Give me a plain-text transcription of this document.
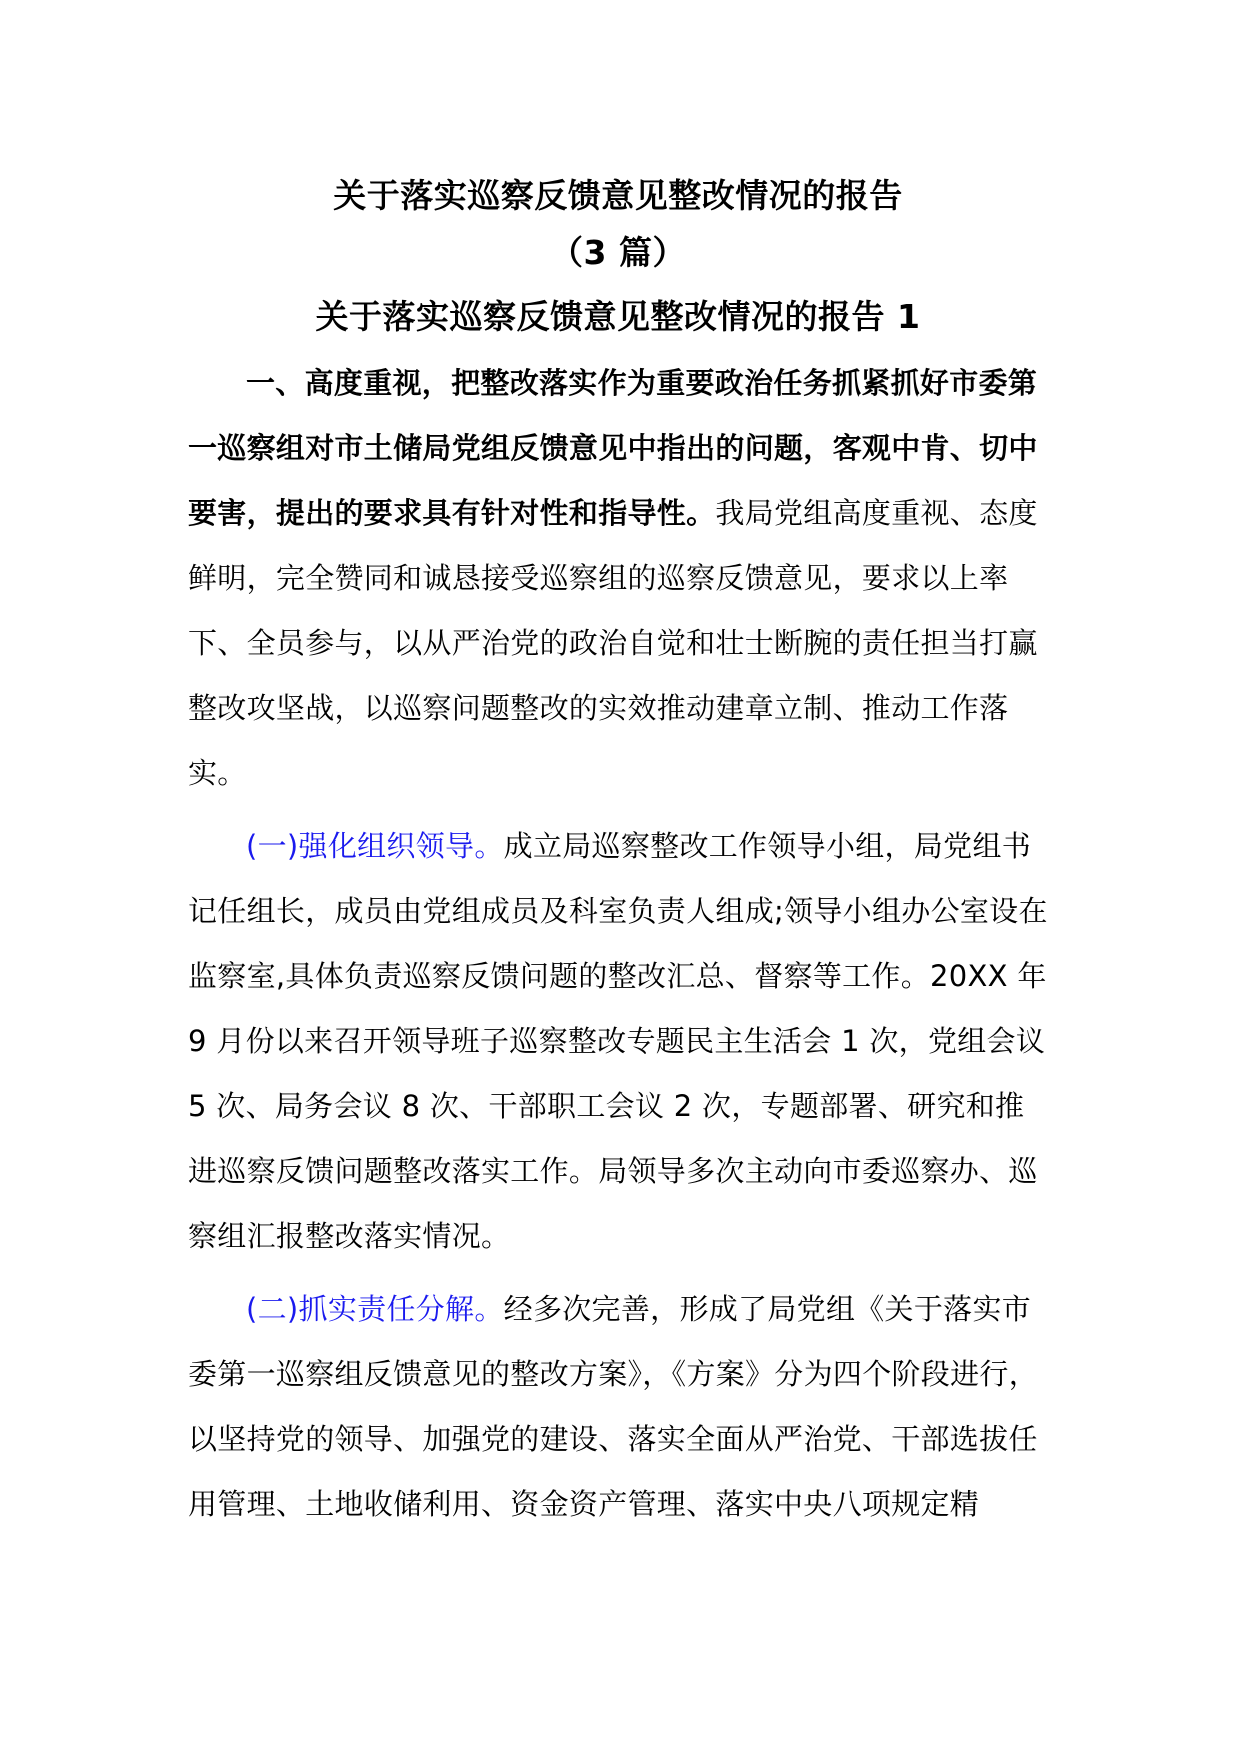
关于落实巡察反馈意见整改情况的报告
（3 篇）
关于落实巡察反馈意见整改情况的报告 1

一、高度重视，把整改落实作为重要政治任务抓紧抓好市委第一巡察组对市土储局党组反馈意见中指出的问题，客观中肯、切中要害，提出的要求具有针对性和指导性。我局党组高度重视、态度鲜明，完全赞同和诚恳接受巡察组的巡察反馈意见，要求以上率下、全员参与，以从严治党的政治自觉和壮士断腕的责任担当打赢整改攻坚战，以巡察问题整改的实效推动建章立制、推动工作落实。

(一)强化组织领导。成立局巡察整改工作领导小组，局党组书记任组长，成员由党组成员及科室负责人组成;领导小组办公室设在监察室,具体负责巡察反馈问题的整改汇总、督察等工作。20XX 年 9 月份以来召开领导班子巡察整改专题民主生活会 1 次，党组会议 5 次、局务会议 8 次、干部职工会议 2 次，专题部署、研究和推进巡察反馈问题整改落实工作。局领导多次主动向市委巡察办、巡察组汇报整改落实情况。

(二)抓实责任分解。经多次完善，形成了局党组《关于落实市委第一巡察组反馈意见的整改方案》，《方案》分为四个阶段进行，以坚持党的领导、加强党的建设、落实全面从严治党、干部选拔任用管理、土地收储利用、资金资产管理、落实中央八项规定精
